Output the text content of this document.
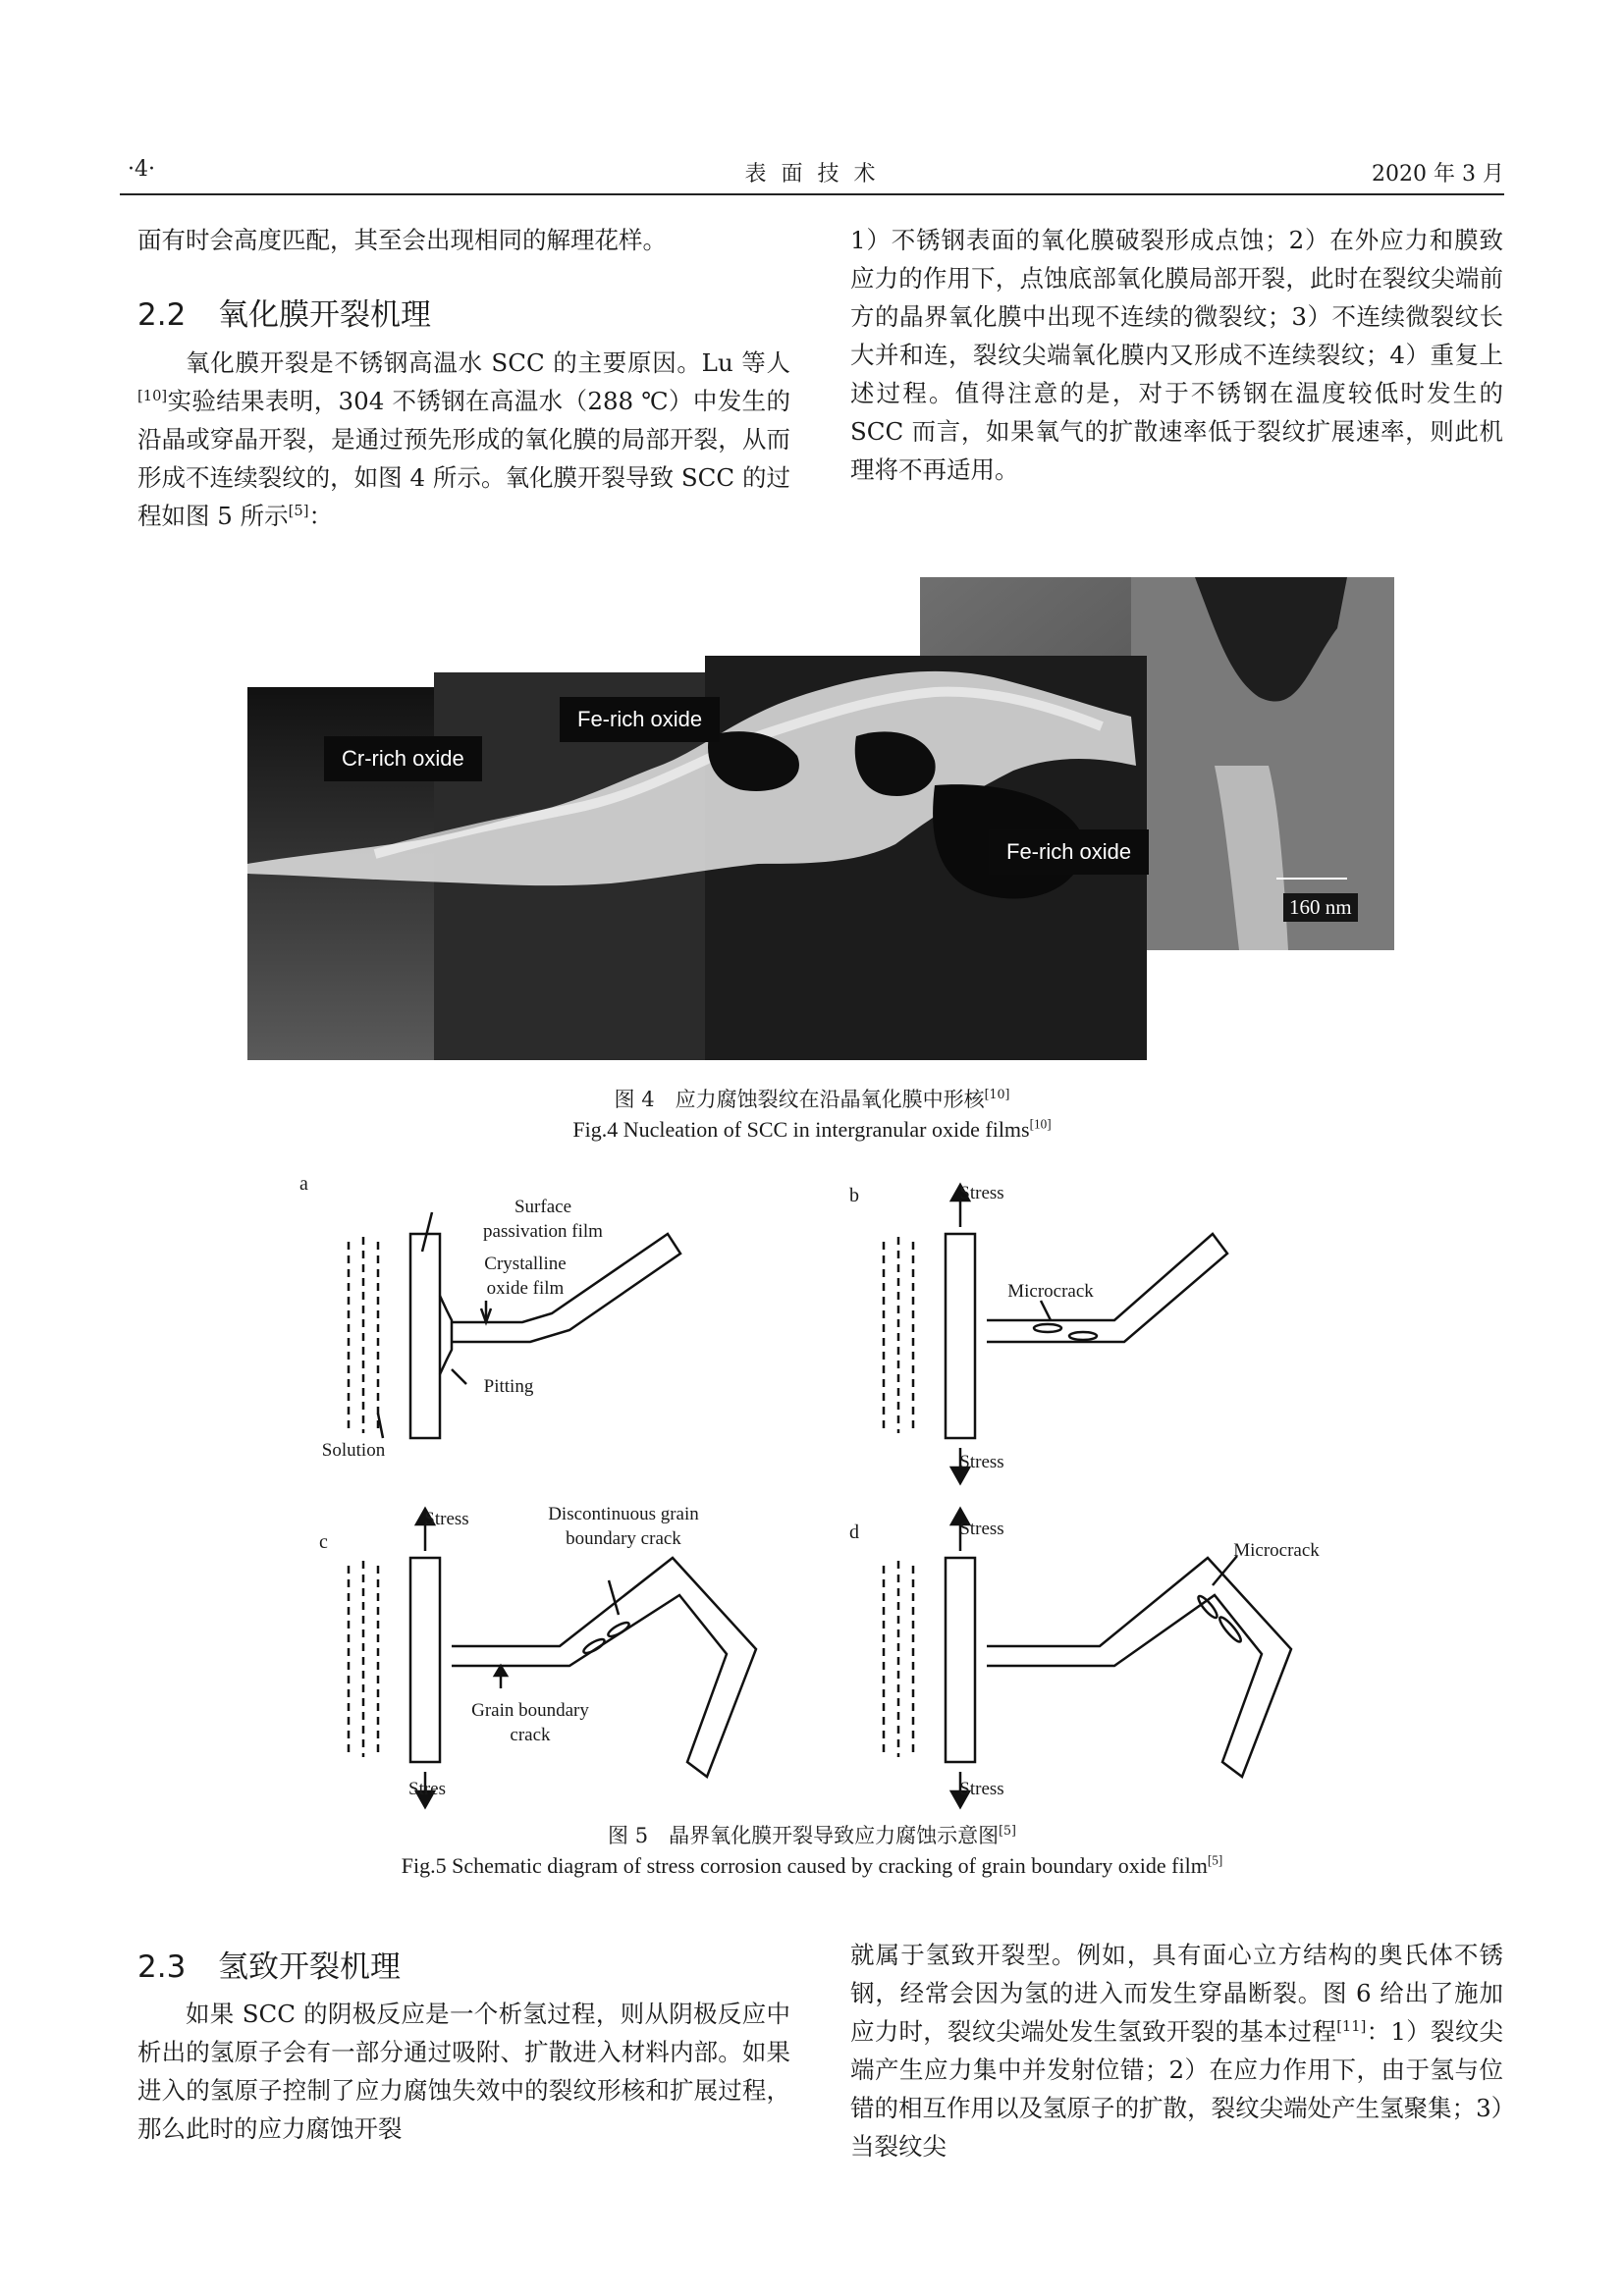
·4·	表 面 技 术	2020 年 3 月

面有时会高度匹配，其至会出现相同的解理花样。

2.2 氧化膜开裂机理

氧化膜开裂是不锈钢高温水 SCC 的主要原因。Lu 等人[10]实验结果表明，304 不锈钢在高温水（288 ℃）中发生的沿晶或穿晶开裂，是通过预先形成的氧化膜的局部开裂，从而形成不连续裂纹的，如图 4 所示。氧化膜开裂导致 SCC 的过程如图 5 所示[5]：

1）不锈钢表面的氧化膜破裂形成点蚀；2）在外应力和膜致应力的作用下，点蚀底部氧化膜局部开裂，此时在裂纹尖端前方的晶界氧化膜中出现不连续的微裂纹；3）不连续微裂纹长大并和连，裂纹尖端氧化膜内又形成不连续裂纹；4）重复上述过程。值得注意的是，对于不锈钢在温度较低时发生的 SCC 而言，如果氧气的扩散速率低于裂纹扩展速率，则此机理将不再适用。

Cr-rich oxide
Fe-rich oxide
Fe-rich oxide
160 nm
图 4　应力腐蚀裂纹在沿晶氧化膜中形核[10]
Fig.4 Nucleation of SCC in intergranular oxide films[10]
a
Surface
passivation film
Crystalline
oxide film
Pitting
Solution
b	Stress
Microcrack
Stress
c
Stress	Discontinuous grain
boundary crack
Grain boundary
crack
Stres
d	Stress
Microcrack
Stress
图 5　晶界氧化膜开裂导致应力腐蚀示意图[5]
Fig.5 Schematic diagram of stress corrosion caused by cracking of grain boundary oxide film[5]
2.3 氢致开裂机理

如果 SCC 的阴极反应是一个析氢过程，则从阴极反应中析出的氢原子会有一部分通过吸附、扩散进入材料内部。如果进入的氢原子控制了应力腐蚀失效中的裂纹形核和扩展过程，那么此时的应力腐蚀开裂

就属于氢致开裂型。例如，具有面心立方结构的奥氏体不锈钢，经常会因为氢的进入而发生穿晶断裂。图 6 给出了施加应力时，裂纹尖端处发生氢致开裂的基本过程[11]：1）裂纹尖端产生应力集中并发射位错；2）在应力作用下，由于氢与位错的相互作用以及氢原子的扩散，裂纹尖端处产生氢聚集；3）当裂纹尖
